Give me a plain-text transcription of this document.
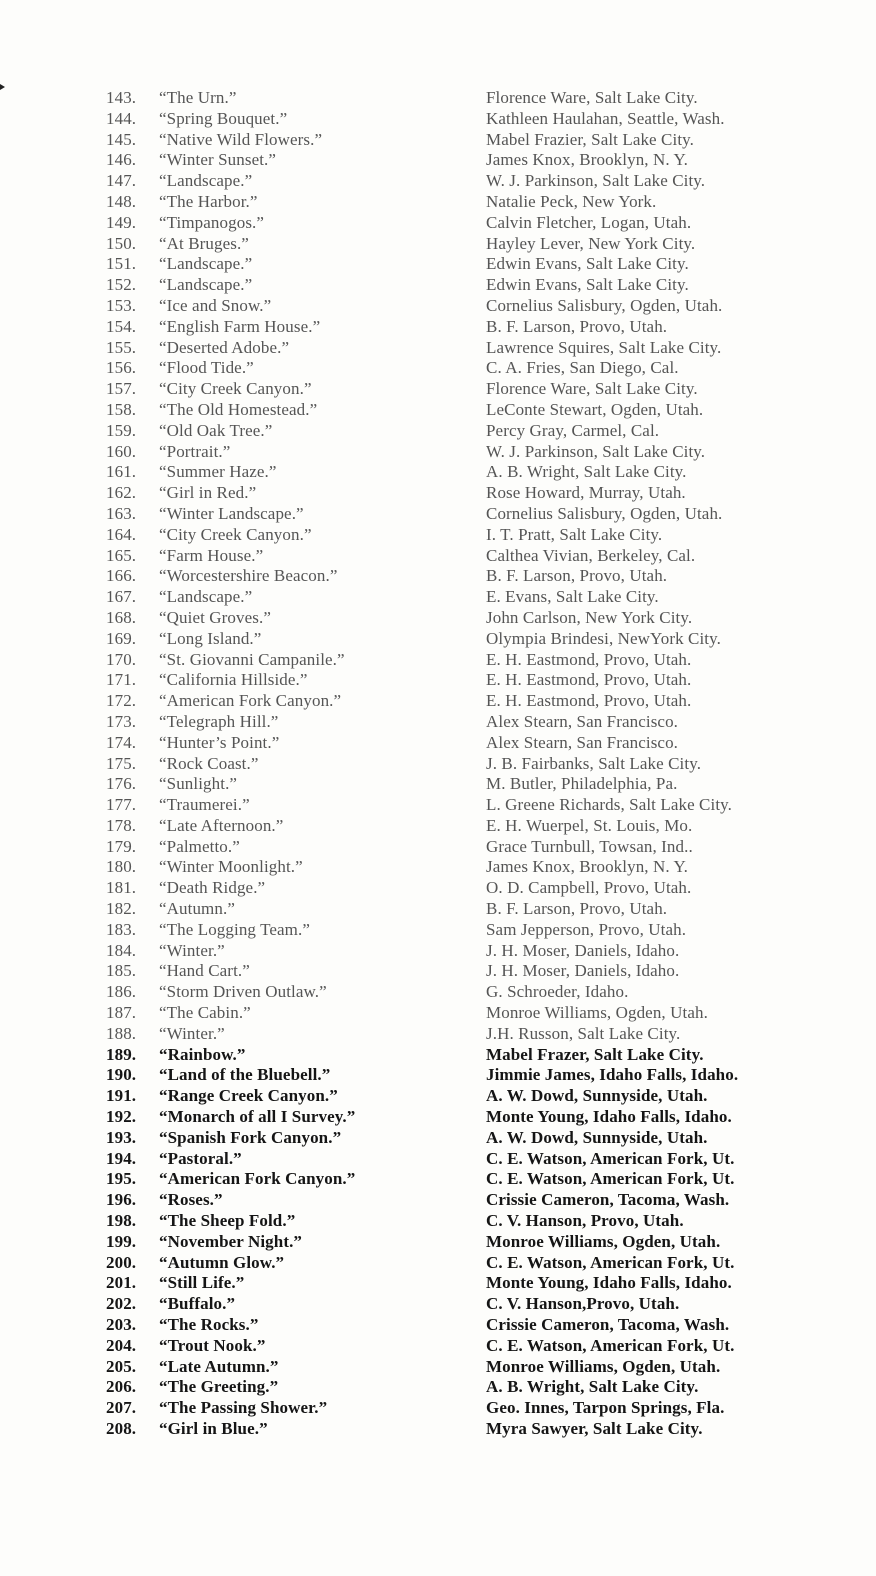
143.	“The Urn.”	Florence Ware, Salt Lake City.
144.	“Spring Bouquet.”	Kathleen Haulahan, Seattle, Wash.
145.	“Native Wild Flowers.”	Mabel Frazier, Salt Lake City.
146.	“Winter Sunset.”	James Knox, Brooklyn, N. Y.
147.	“Landscape.”	W. J. Parkinson, Salt Lake City.
148.	“The Harbor.”	Natalie Peck, New York.
149.	“Timpanogos.”	Calvin Fletcher, Logan, Utah.
150.	“At Bruges.”	Hayley Lever, New York City.
151.	“Landscape.”	Edwin Evans, Salt Lake City.
152.	“Landscape.”	Edwin Evans, Salt Lake City.
153.	“Ice and Snow.”	Cornelius Salisbury, Ogden, Utah.
154.	“English Farm House.”	B. F. Larson, Provo, Utah.
155.	“Deserted Adobe.”	Lawrence Squires, Salt Lake City.
156.	“Flood Tide.”	C. A. Fries, San Diego, Cal.
157.	“City Creek Canyon.”	Florence Ware, Salt Lake City.
158.	“The Old Homestead.”	LeConte Stewart, Ogden, Utah.
159.	“Old Oak Tree.”	Percy Gray, Carmel, Cal.
160.	“Portrait.”	W. J. Parkinson, Salt Lake City.
161.	“Summer Haze.”	A. B. Wright, Salt Lake City.
162.	“Girl in Red.”	Rose Howard, Murray, Utah.
163.	“Winter Landscape.”	Cornelius Salisbury, Ogden, Utah.
164.	“City Creek Canyon.”	I. T. Pratt, Salt Lake City.
165.	“Farm House.”	Calthea Vivian, Berkeley, Cal.
166.	“Worcestershire Beacon.”	B. F. Larson, Provo, Utah.
167.	“Landscape.”	E. Evans, Salt Lake City.
168.	“Quiet Groves.”	John Carlson, New York City.
169.	“Long Island.”	Olympia Brindesi, NewYork City.
170.	“St. Giovanni Campanile.”	E. H. Eastmond, Provo, Utah.
171.	“California Hillside.”	E. H. Eastmond, Provo, Utah.
172.	“American Fork Canyon.”	E. H. Eastmond, Provo, Utah.
173.	“Telegraph Hill.”	Alex Stearn, San Francisco.
174.	“Hunter’s Point.”	Alex Stearn, San Francisco.
175.	“Rock Coast.”	J. B. Fairbanks, Salt Lake City.
176.	“Sunlight.”	M. Butler, Philadelphia, Pa.
177.	“Traumerei.”	L. Greene Richards, Salt Lake City.
178.	“Late Afternoon.”	E. H. Wuerpel, St. Louis, Mo.
179.	“Palmetto.”	Grace Turnbull, Towsan, Ind..
180.	“Winter Moonlight.”	James Knox, Brooklyn, N. Y.
181.	“Death Ridge.”	O. D. Campbell, Provo, Utah.
182.	“Autumn.”	B. F. Larson, Provo, Utah.
183.	“The Logging Team.”	Sam Jepperson, Provo, Utah.
184.	“Winter.”	J. H. Moser, Daniels, Idaho.
185.	“Hand Cart.”	J. H. Moser, Daniels, Idaho.
186.	“Storm Driven Outlaw.”	G. Schroeder, Idaho.
187.	“The Cabin.”	Monroe Williams, Ogden, Utah.
188.	“Winter.”	J.H. Russon, Salt Lake City.
189.	“Rainbow.”	Mabel Frazer, Salt Lake City.
190.	“Land of the Bluebell.”	Jimmie James, Idaho Falls, Idaho.
191.	“Range Creek Canyon.”	A. W. Dowd, Sunnyside, Utah.
192.	“Monarch of all I Survey.”	Monte Young, Idaho Falls, Idaho.
193.	“Spanish Fork Canyon.”	A. W. Dowd, Sunnyside, Utah.
194.	“Pastoral.”	C. E. Watson, American Fork, Ut.
195.	“American Fork Canyon.”	C. E. Watson, American Fork, Ut.
196.	“Roses.”	Crissie Cameron, Tacoma, Wash.
198.	“The Sheep Fold.”	C. V. Hanson, Provo, Utah.
199.	“November Night.”	Monroe Williams, Ogden, Utah.
200.	“Autumn Glow.”	C. E. Watson, American Fork, Ut.
201.	“Still Life.”	Monte Young, Idaho Falls, Idaho.
202.	“Buffalo.”	C. V. Hanson,Provo, Utah.
203.	“The Rocks.”	Crissie Cameron, Tacoma, Wash.
204.	“Trout Nook.”	C. E. Watson, American Fork, Ut.
205.	“Late Autumn.”	Monroe Williams, Ogden, Utah.
206.	“The Greeting.”	A. B. Wright, Salt Lake City.
207.	“The Passing Shower.”	Geo. Innes, Tarpon Springs, Fla.
208.	“Girl in Blue.”	Myra Sawyer, Salt Lake City.
